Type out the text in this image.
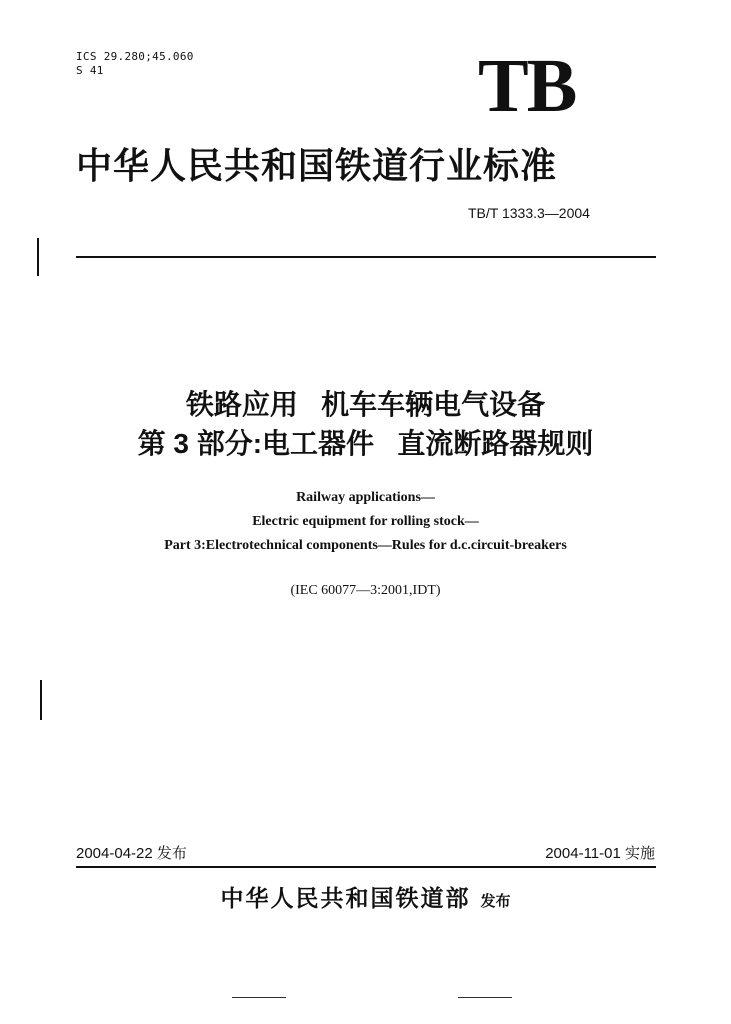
ICS 29.280;45.060
S 41	TB
中华人民共和国铁道行业标准
TB/T 1333.3—2004
铁路应用   机车车辆电气设备
第 3 部分:电工器件   直流断路器规则
Railway applications—
Electric equipment for rolling stock—
Part 3:Electrotechnical components—Rules for d.c.circuit-breakers
(IEC 60077—3:2001,IDT)
2004-04-22 发布	2004-11-01 实施
中华人民共和国铁道部 发布
